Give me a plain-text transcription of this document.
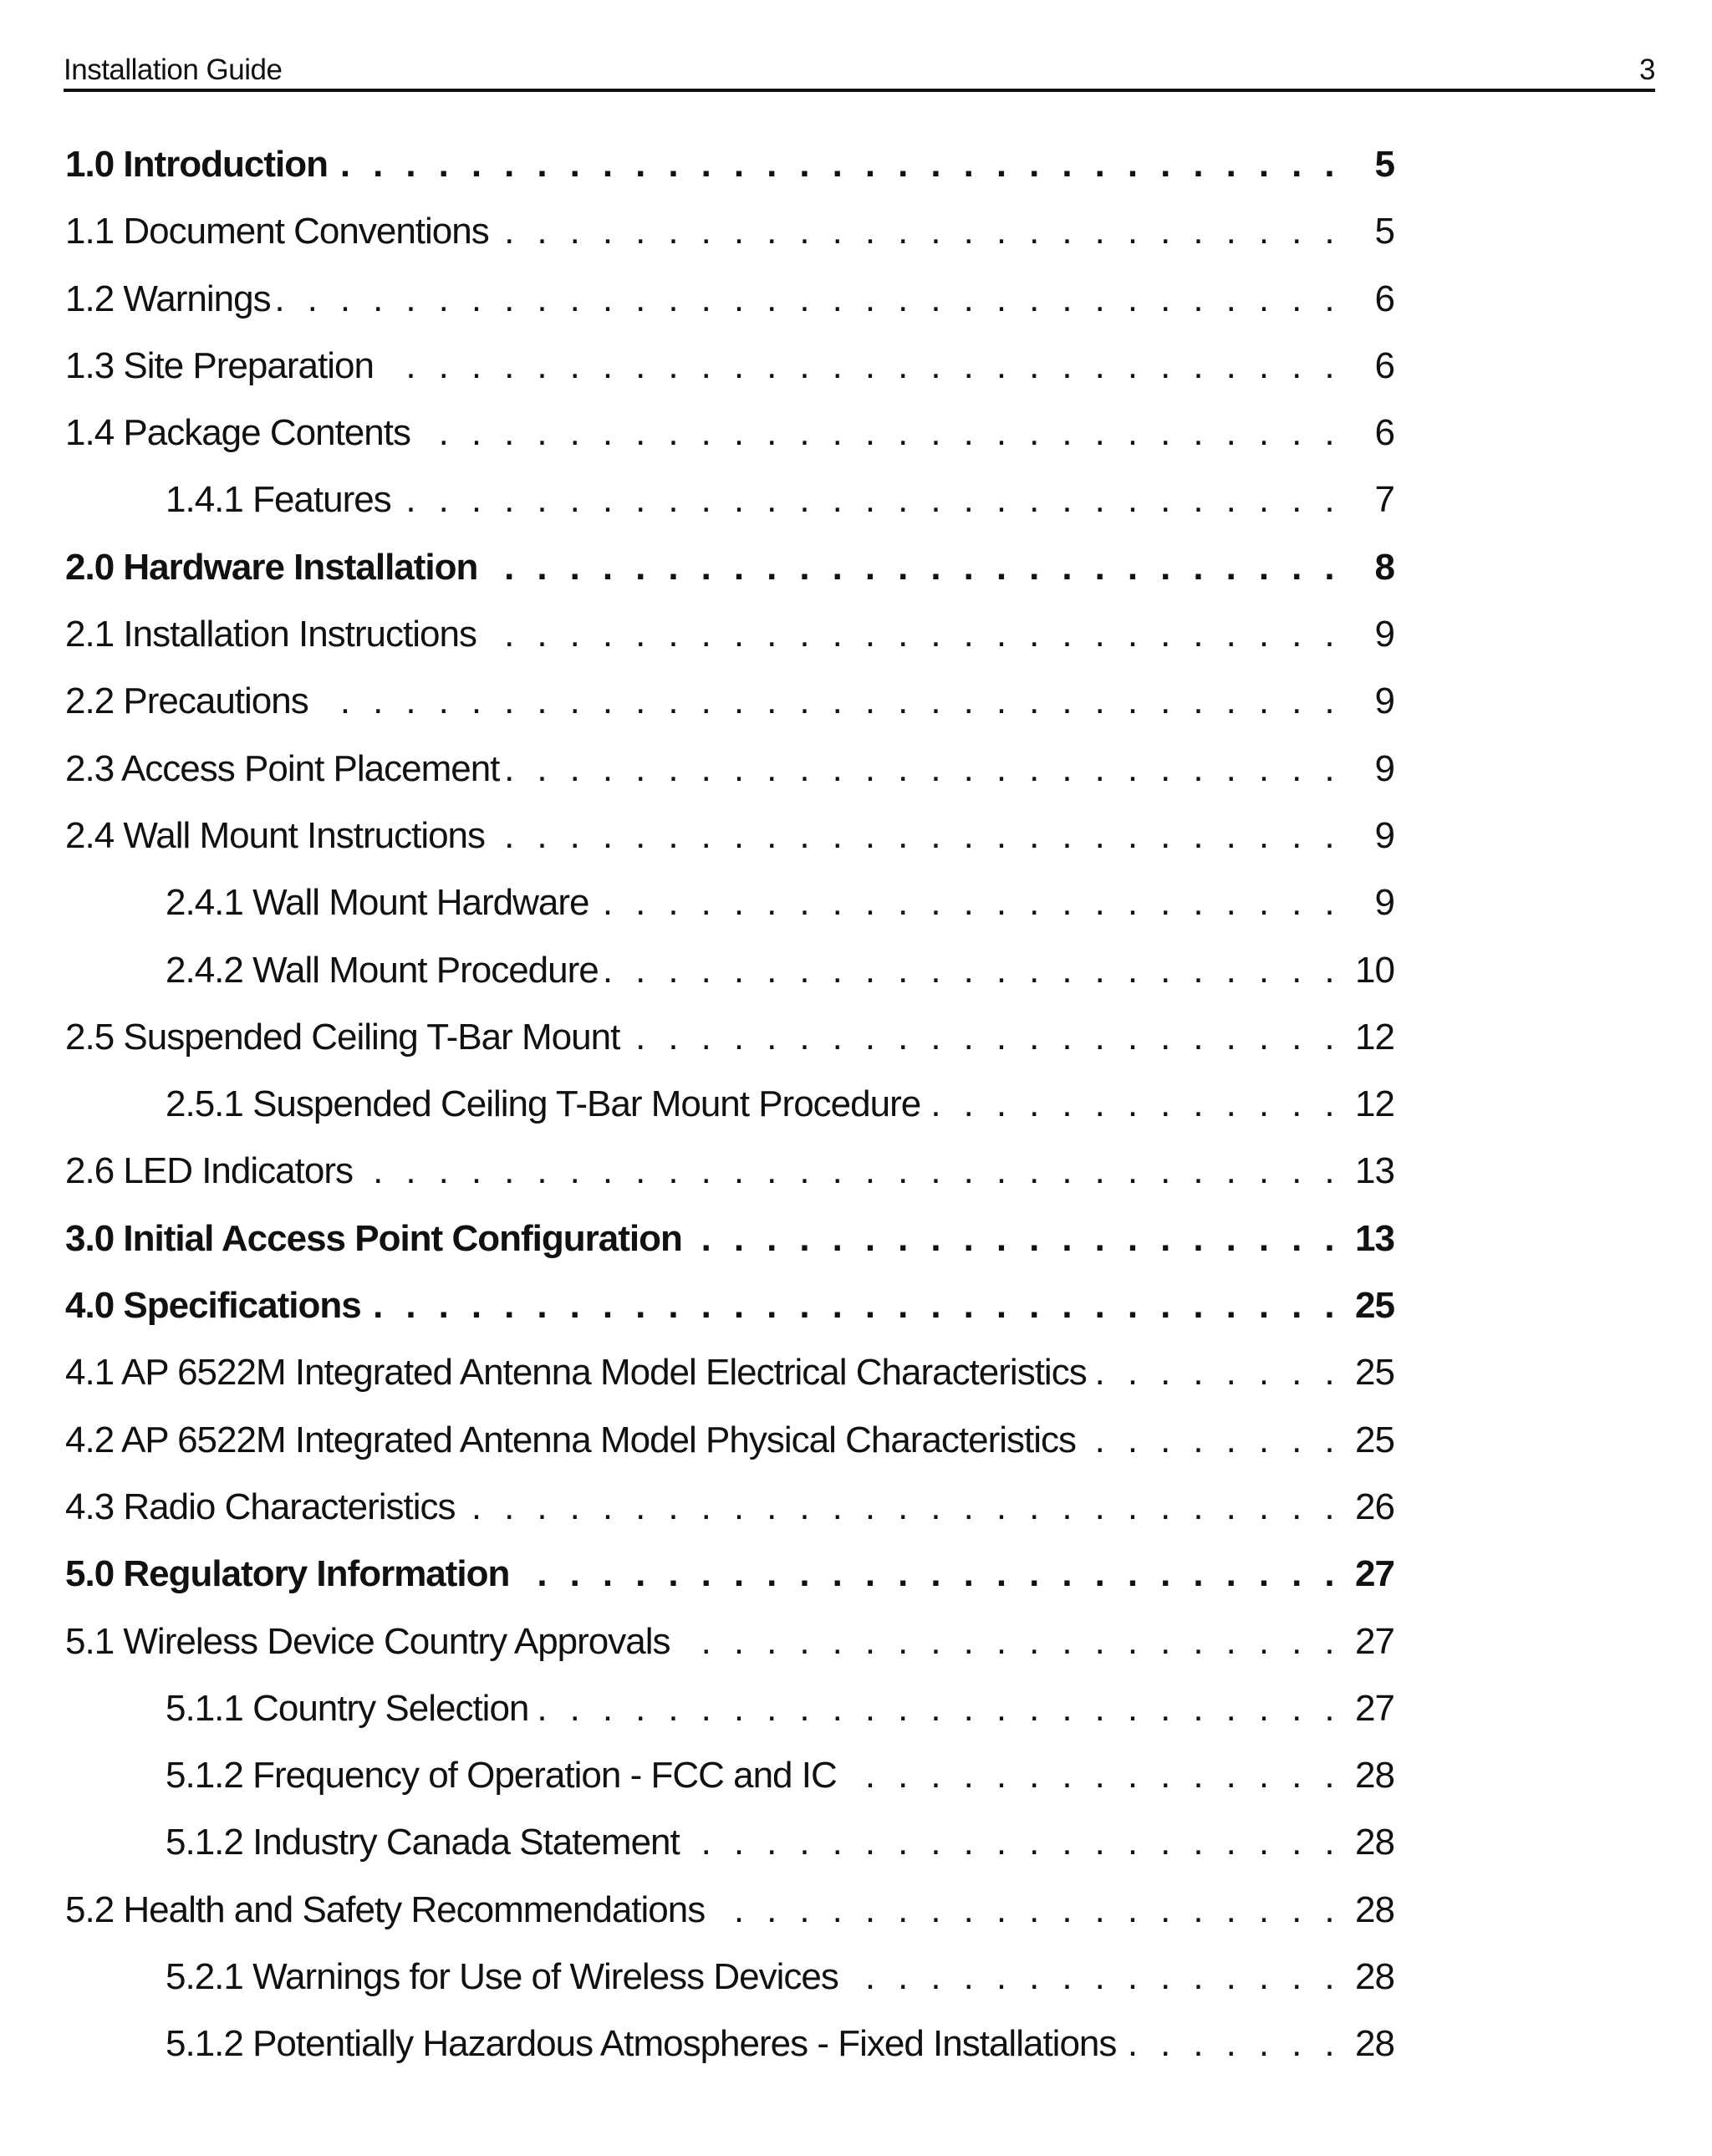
Installation Guide	3
1.0 Introduction . . .	5
1.1 Document Conventions . . .	5
1.2 Warnings . . .	6
1.3 Site Preparation . . .	6
1.4 Package Contents . . .	6
1.4.1 Features . . .	7
2.0 Hardware Installation . . .	8
2.1 Installation Instructions . . .	9
2.2 Precautions . . .	9
2.3 Access Point Placement . . .	9
2.4 Wall Mount Instructions . . .	9
2.4.1 Wall Mount Hardware . . .	9
2.4.2 Wall Mount Procedure . . .	10
2.5 Suspended Ceiling T-Bar Mount . . .	12
2.5.1 Suspended Ceiling T-Bar Mount Procedure . . .	12
2.6 LED Indicators . . .	13
3.0 Initial Access Point Configuration . . .	13
4.0 Specifications . . .	25
4.1 AP 6522M Integrated Antenna Model Electrical Characteristics . . .	25
4.2 AP 6522M Integrated Antenna Model Physical Characteristics . . .	25
4.3 Radio Characteristics . . .	26
5.0 Regulatory Information . . .	27
5.1 Wireless Device Country Approvals . . .	27
5.1.1 Country Selection . . .	27
5.1.2 Frequency of Operation - FCC and IC . . .	28
5.1.2 Industry Canada Statement . . .	28
5.2 Health and Safety Recommendations . . .	28
5.2.1 Warnings for Use of Wireless Devices . . .	28
5.1.2 Potentially Hazardous Atmospheres - Fixed Installations . . .	28
